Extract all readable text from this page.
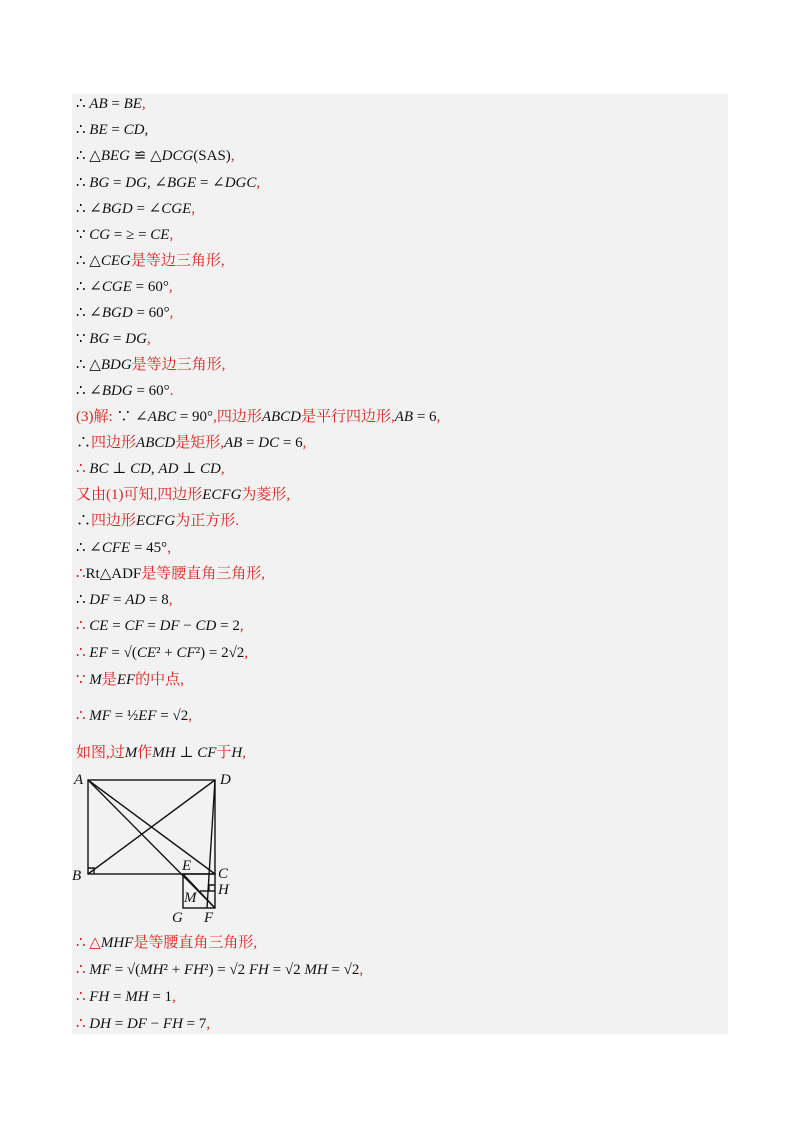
∴ AB = BE,
∴ BE = CD,
∴ △BEG ≌ △DCG(SAS),
∴ BG = DG, ∠BGE = ∠DGC,
∴ ∠BGD = ∠CGE,
∵ CG = ≥ = CE,
∴ △CEG是等边三角形,
∴ ∠CGE = 60°,
∴ ∠BGD = 60°,
∵ BG = DG,
∴ △BDG是等边三角形,
∴ ∠BDG = 60°.
(3)解: ∵ ∠ABC = 90°,四边形ABCD是平行四边形,AB = 6,
∴四边形ABCD是矩形,AB = DC = 6,
∴ BC ⊥ CD, AD ⊥ CD,
又由(1)可知,四边形ECFG为菱形,
∴四边形ECFG为正方形.
∴ ∠CFE = 45°,
∴Rt△ADF是等腰直角三角形,
∴ DF = AD = 8,
∴ CE = CF = DF − CD = 2,
∴ EF = √(CE² + CF²) = 2√2,
∵ M是EF的中点,
∴ MF = ½EF = √2,
如图,过M作MH ⊥ CF于H,
∴ △MHF是等腰直角三角形,
∴ MF = √(MH² + FH²) = √2 FH = √2 MH = √2,
∴ FH = MH = 1,
∴ DH = DF − FH = 7,
A	D
B	C
E
H
M
G F
